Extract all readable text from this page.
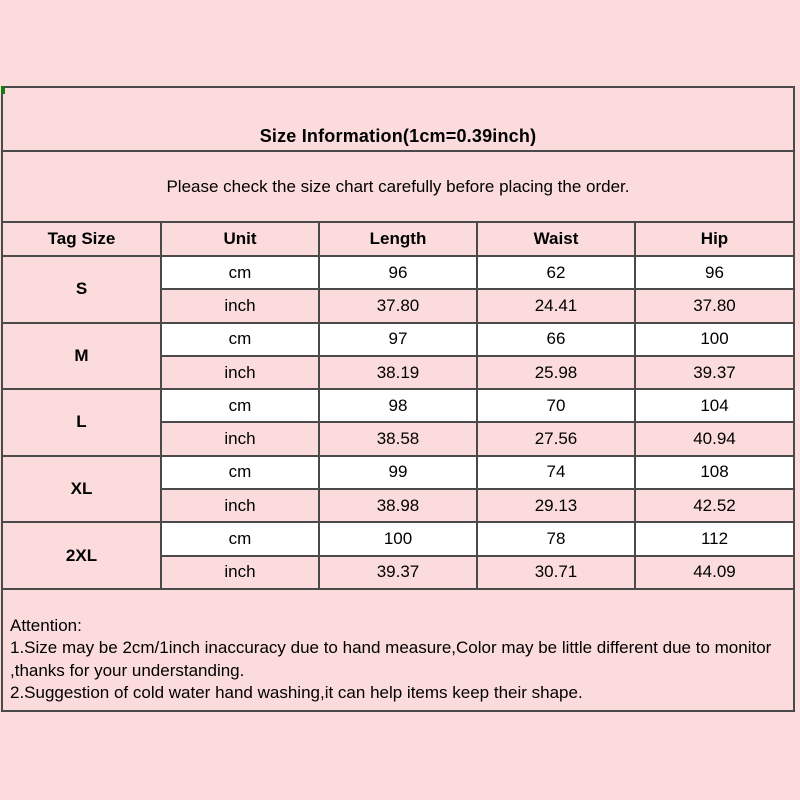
Size Information(1cm=0.39inch)
Please check the size chart carefully before placing the order.
Tag Size	Unit	Length	Waist	Hip
S	cm	96	62	96
	inch	37.80	24.41	37.80
M	cm	97	66	100
	inch	38.19	25.98	39.37
L	cm	98	70	104
	inch	38.58	27.56	40.94
XL	cm	99	74	108
	inch	38.98	29.13	42.52
2XL	cm	100	78	112
	inch	39.37	30.71	44.09
Attention:
1.Size may be 2cm/1inch inaccuracy due to hand measure,Color may be little different due to monitor
,thanks for your understanding.
2.Suggestion of cold water hand washing,it can help items keep their shape.
